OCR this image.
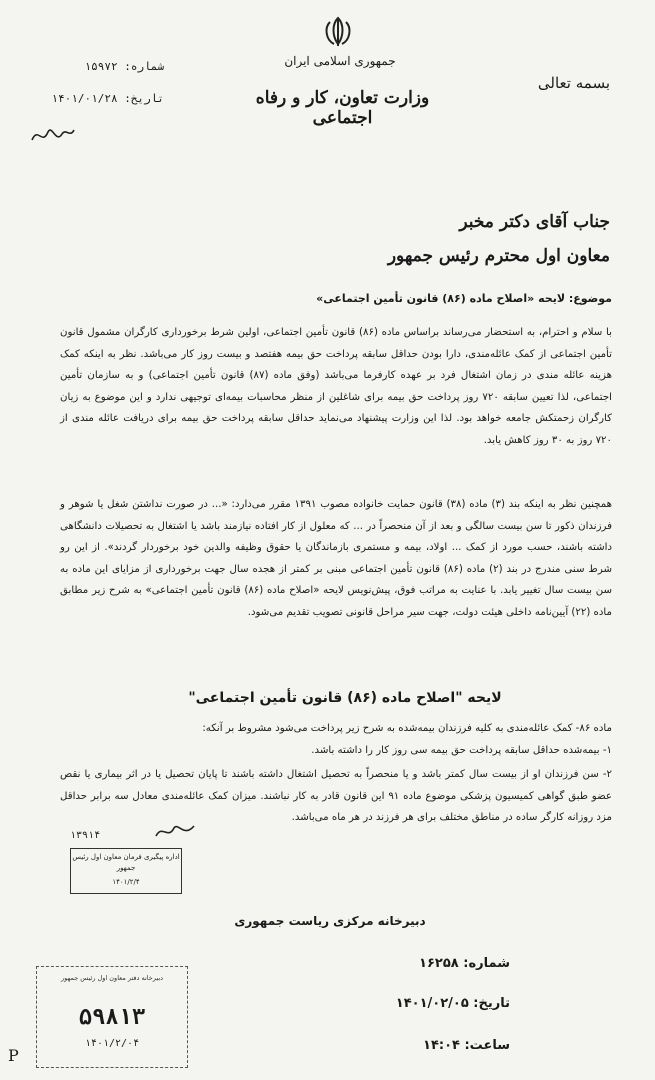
جمهوری اسلامی ایران
وزارت تعاون، کار و رفاه اجتماعی
بسمه تعالی
شماره: ۱۵۹۷۲
تاریخ: ۱۴۰۱/۰۱/۲۸
جناب آقای دکتر مخبر
معاون اول محترم رئیس جمهور
موضوع: لایحه «اصلاح ماده (۸۶) قانون تأمین اجتماعی»
با سلام و احترام، به استحضار می‌رساند براساس ماده (۸۶) قانون تأمین اجتماعی، اولین شرط برخورداری کارگران مشمول قانون تأمین اجتماعی از کمک عائله‌مندی، دارا بودن حداقل سابقه پرداخت حق بیمه هفتصد و بیست روز کار می‌باشد. نظر به اینکه کمک هزینه عائله مندی در زمان اشتغال فرد بر عهده کارفرما می‌باشد (وفق ماده (۸۷) قانون تأمین اجتماعی) و به سازمان تأمین اجتماعی، لذا تعیین سابقه ۷۲۰ روز پرداخت حق بیمه برای شاغلین از منظر محاسبات بیمه‌ای توجیهی ندارد و این موضوع به زیان کارگران زحمتکش جامعه خواهد بود. لذا این وزارت پیشنهاد می‌نماید حداقل سابقه پرداخت حق بیمه برای دریافت عائله مندی از ۷۲۰ روز به ۳۰ روز کاهش یابد.
همچنین نظر به اینکه بند (۳) ماده (۳۸) قانون حمایت خانواده مصوب ۱۳۹۱ مقرر می‌دارد: «... در صورت نداشتن شغل یا شوهر و فرزندان ذکور تا سن بیست سالگی و بعد از آن منحصراً در ... که معلول از کار افتاده نیازمند باشد یا اشتغال به تحصیلات دانشگاهی داشته باشند، حسب مورد از کمک ... اولاد، بیمه و مستمری بازماندگان یا حقوق وظیفه والدین خود برخوردار گردند». از این رو شرط سنی مندرج در بند (۲) ماده (۸۶) قانون تأمین اجتماعی مبنی بر کمتر از هجده سال جهت برخورداری از مزایای این ماده به سن بیست سال تغییر یابد. با عنایت به مراتب فوق، پیش‌نویس لایحه «اصلاح ماده (۸۶) قانون تأمین اجتماعی» به شرح زیر مطابق ماده (۲۲) آیین‌نامه داخلی هیئت دولت، جهت سیر مراحل قانونی تصویب تقدیم می‌شود.
لایحه "اصلاح ماده (۸۶) قانون تأمین اجتماعی"
ماده ۸۶- کمک عائله‌مندی به کلیه فرزندان بیمه‌شده به شرح زیر پرداخت می‌شود مشروط بر آنکه:
۱- بیمه‌شده حداقل سابقه پرداخت حق بیمه سی روز کار را داشته باشد.
۲- سن فرزندان او از بیست سال کمتر باشد و یا منحصراً به تحصیل اشتغال داشته باشند تا پایان تحصیل یا در اثر بیماری یا نقص عضو طبق گواهی کمیسیون پزشکی موضوع ماده ۹۱ این قانون قادر به کار نباشند. میزان کمک عائله‌مندی معادل سه برابر حداقل مزد روزانه کارگر ساده در مناطق مختلف برای هر فرزند در هر ماه می‌باشد.
۱۳۹۱۴
اداره پیگیری فرمان معاون اول رئیس جمهور
۱۴۰۱/۲/۴
دبیرخانه مرکزی ریاست جمهوری
شماره: ۱۶۲۵۸
تاریخ: ۱۴۰۱/۰۲/۰۵
ساعت: ۱۴:۰۴
دبیرخانه دفتر معاون اول رئیس جمهور
۵۹۸۱۳
۱۴۰۱/۲/۰۴
P
